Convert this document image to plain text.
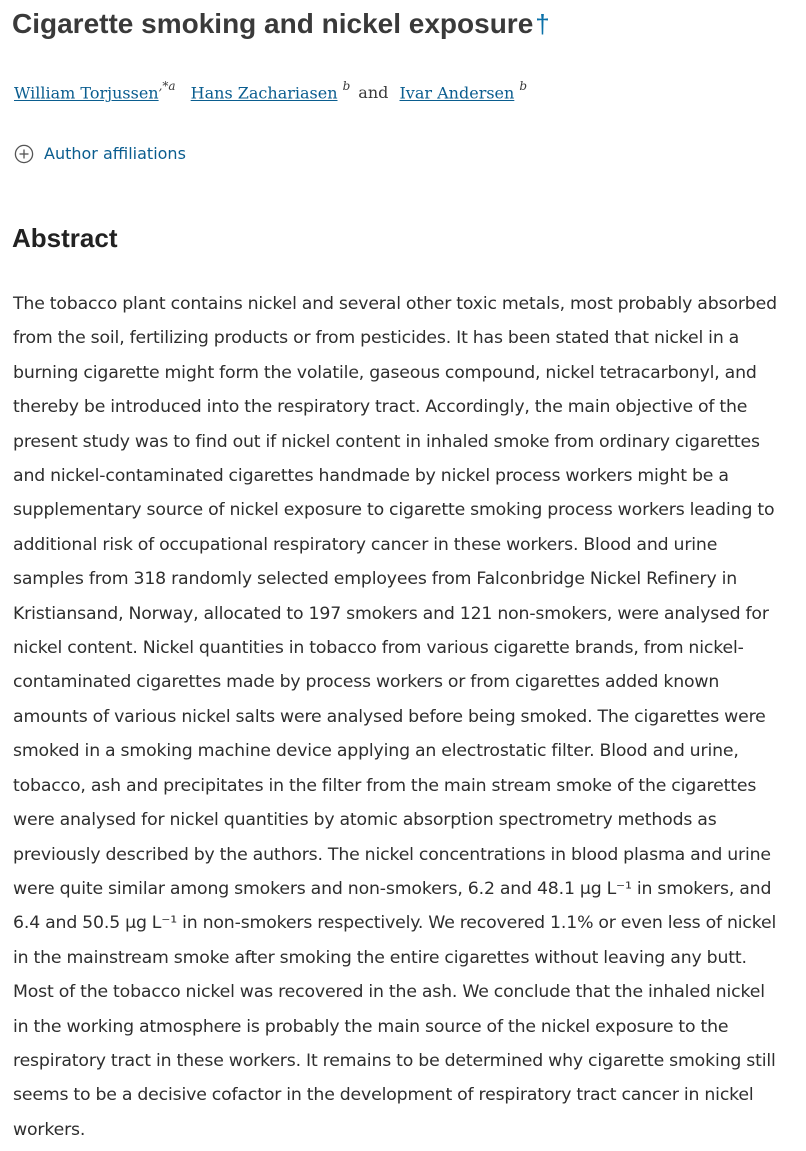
Cigarette smoking and nickel exposure†
William Torjussen$^{,*a}$ Hans Zachariasen $^b$ and Ivar Andersen $^b$
Author affiliations
Abstract

The tobacco plant contains nickel and several other toxic metals, most probably absorbed
from the soil, fertilizing products or from pesticides. It has been stated that nickel in a
burning cigarette might form the volatile, gaseous compound, nickel tetracarbonyl, and
thereby be introduced into the respiratory tract. Accordingly, the main objective of the
present study was to find out if nickel content in inhaled smoke from ordinary cigarettes
and nickel-contaminated cigarettes handmade by nickel process workers might be a
supplementary source of nickel exposure to cigarette smoking process workers leading to
additional risk of occupational respiratory cancer in these workers. Blood and urine
samples from 318 randomly selected employees from Falconbridge Nickel Refinery in
Kristiansand, Norway, allocated to 197 smokers and 121 non-smokers, were analysed for
nickel content. Nickel quantities in tobacco from various cigarette brands, from nickel-
contaminated cigarettes made by process workers or from cigarettes added known
amounts of various nickel salts were analysed before being smoked. The cigarettes were
smoked in a smoking machine device applying an electrostatic filter. Blood and urine,
tobacco, ash and precipitates in the filter from the main stream smoke of the cigarettes
were analysed for nickel quantities by atomic absorption spectrometry methods as
previously described by the authors. The nickel concentrations in blood plasma and urine
were quite similar among smokers and non-smokers, 6.2 and 48.1 μg L⁻¹ in smokers, and
6.4 and 50.5 μg L⁻¹ in non-smokers respectively. We recovered 1.1% or even less of nickel
in the mainstream smoke after smoking the entire cigarettes without leaving any butt.
Most of the tobacco nickel was recovered in the ash. We conclude that the inhaled nickel
in the working atmosphere is probably the main source of the nickel exposure to the
respiratory tract in these workers. It remains to be determined why cigarette smoking still
seems to be a decisive cofactor in the development of respiratory tract cancer in nickel
workers.
